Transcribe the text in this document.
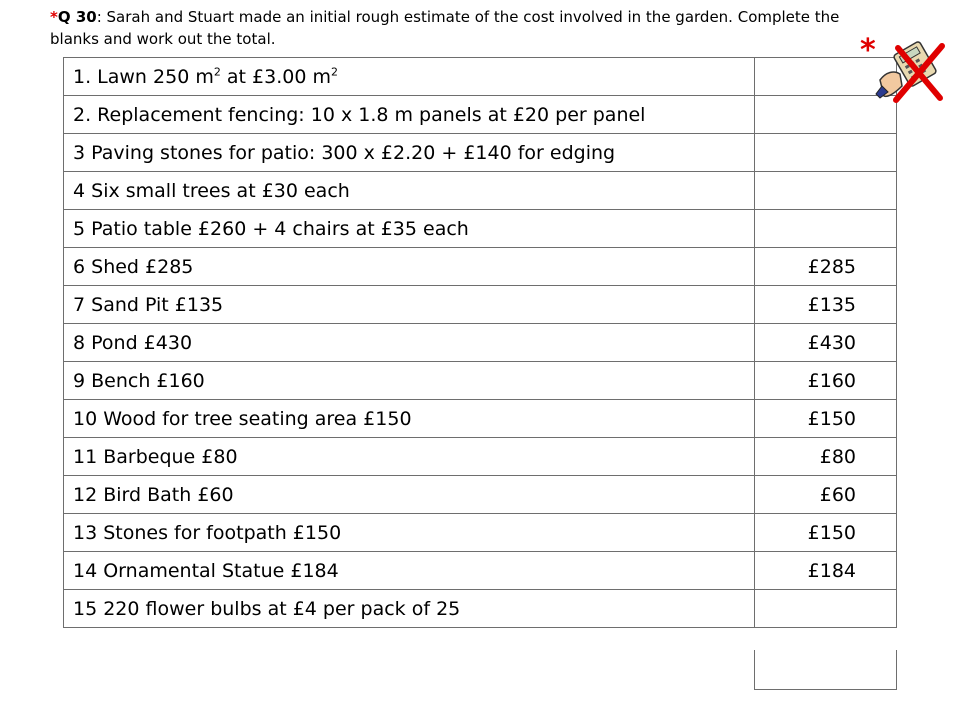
*Q 30: Sarah and Stuart made an initial rough estimate of the cost involved in the garden. Complete the blanks and work out the total.
1. Lawn 250 $m^2$ at £3.00 $m^2$	
2. Replacement fencing: 10 x 1.8 m panels at £20 per panel	
3 Paving stones for patio: 300 x £2.20 + £140 for edging	
4 Six small trees at £30 each	
5 Patio table £260 + 4 chairs at £35 each	
6 Shed £285	£285
7 Sand Pit £135	£135
8 Pond £430	£430
9 Bench £160	£160
10 Wood for tree seating area £150	£150
11 Barbeque £80	£80
12 Bird Bath £60	£60
13 Stones for footpath £150	£150
14 Ornamental Statue £184	£184
15 220 flower bulbs at £4 per pack of 25	
*
